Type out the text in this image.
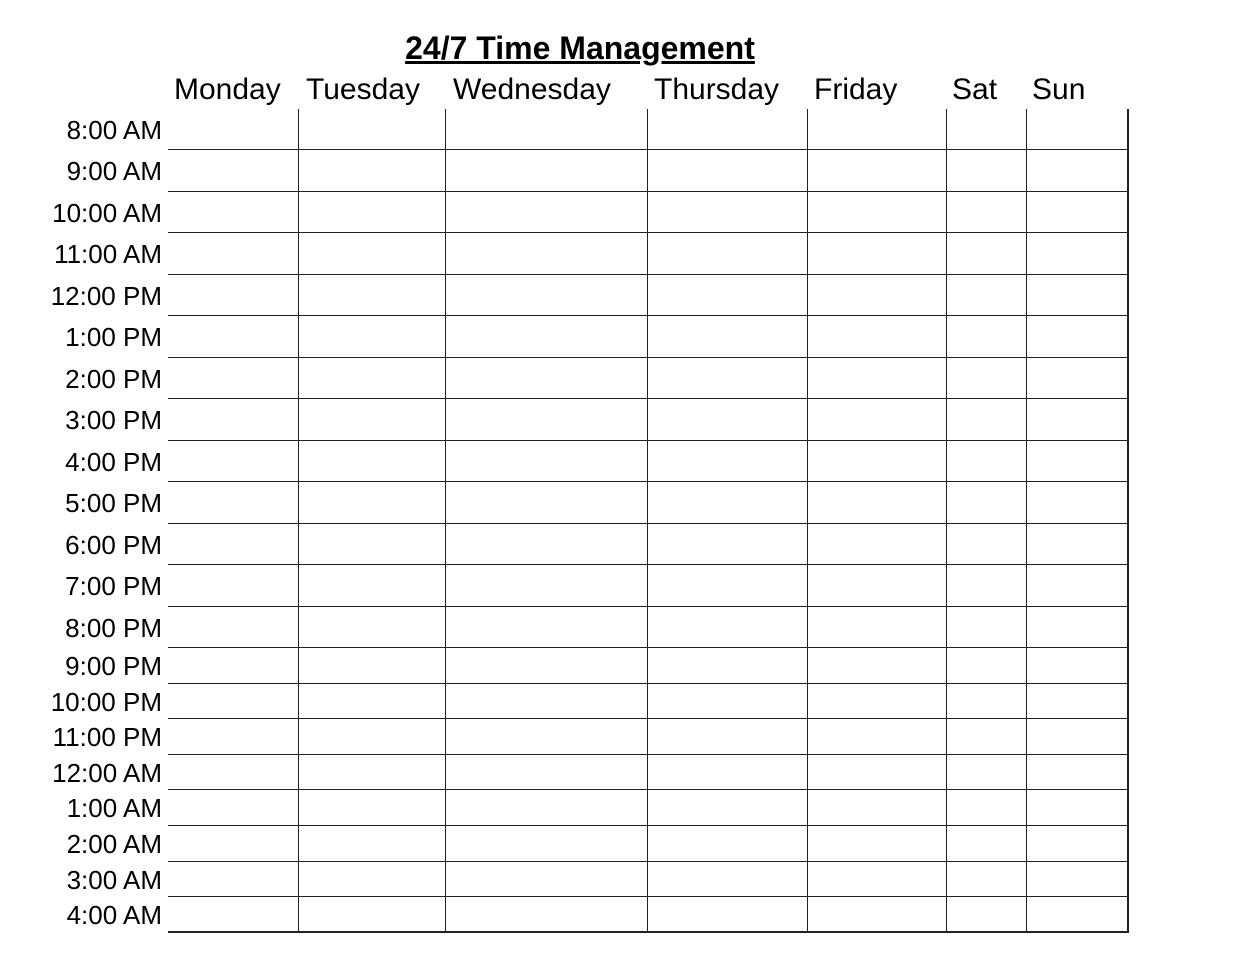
24/7 Time Management
Monday Tuesday Wednesday Thursday Friday Sat Sun
8:00 AM
9:00 AM
10:00 AM
11:00 AM
12:00 PM
1:00 PM
2:00 PM
3:00 PM
4:00 PM
5:00 PM
6:00 PM
7:00 PM
8:00 PM
9:00 PM
10:00 PM
11:00 PM
12:00 AM
1:00 AM
2:00 AM
3:00 AM
4:00 AM
